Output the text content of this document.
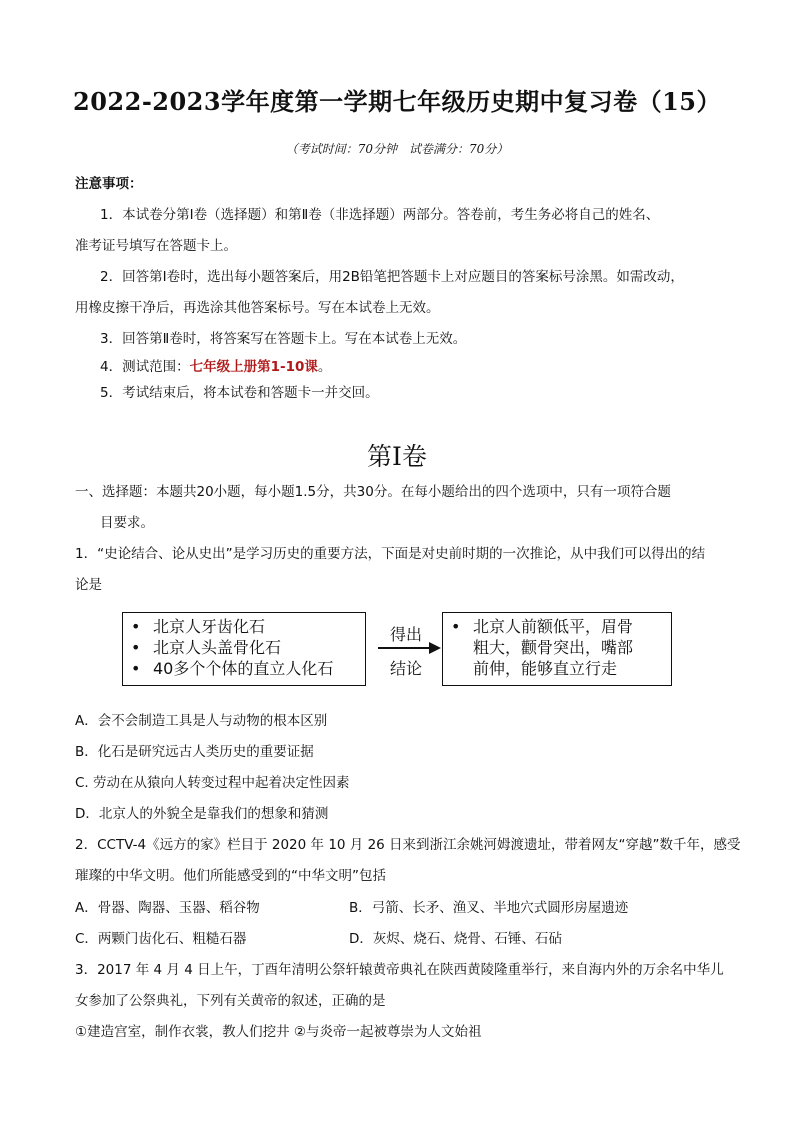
2022-2023学年度第一学期七年级历史期中复习卷（15）
（考试时间：70分钟　试卷满分：70分）
注意事项：
1．本试卷分第Ⅰ卷（选择题）和第Ⅱ卷（非选择题）两部分。答卷前，考生务必将自己的姓名、
准考证号填写在答题卡上。
2．回答第Ⅰ卷时，选出每小题答案后，用2B铅笔把答题卡上对应题目的答案标号涂黑。如需改动，
用橡皮擦干净后，再选涂其他答案标号。写在本试卷上无效。
3．回答第Ⅱ卷时，将答案写在答题卡上。写在本试卷上无效。
4．测试范围：七年级上册第1-10课。
5．考试结束后，将本试卷和答题卡一并交回。
第Ⅰ卷
一、选择题：本题共20小题，每小题1.5分，共30分。在每小题给出的四个选项中，只有一项符合题
目要求。
1．“史论结合、论从史出”是学习历史的重要方法，下面是对史前时期的一次推论，从中我们可以得出的结
论是
• 北京人牙齿化石
• 北京人头盖骨化石
• 40多个个体的直立人化石
得出
结论
• 北京人前额低平，眉骨
粗大，颧骨突出，嘴部
前伸，能够直立行走
A．会不会制造工具是人与动物的根本区别
B．化石是研究远古人类历史的重要证据
C. 劳动在从猿向人转变过程中起着决定性因素
D．北京人的外貌全是靠我们的想象和猜测
2．CCTV-4《远方的家》栏目于 2020 年 10 月 26 日来到浙江余姚河姆渡遗址，带着网友“穿越”数千年，感受
璀璨的中华文明。他们所能感受到的“中华文明”包括
A．骨器、陶器、玉器、稻谷物	B．弓箭、长矛、渔叉、半地穴式圆形房屋遗迹
C．两颗门齿化石、粗糙石器	D．灰烬、烧石、烧骨、石锤、石砧
3．2017 年 4 月 4 日上午，丁酉年清明公祭轩辕黄帝典礼在陕西黄陵隆重举行，来自海内外的万余名中华儿
女参加了公祭典礼，下列有关黄帝的叙述，正确的是
①建造宫室，制作衣裳，教人们挖井 ②与炎帝一起被尊崇为人文始祖
